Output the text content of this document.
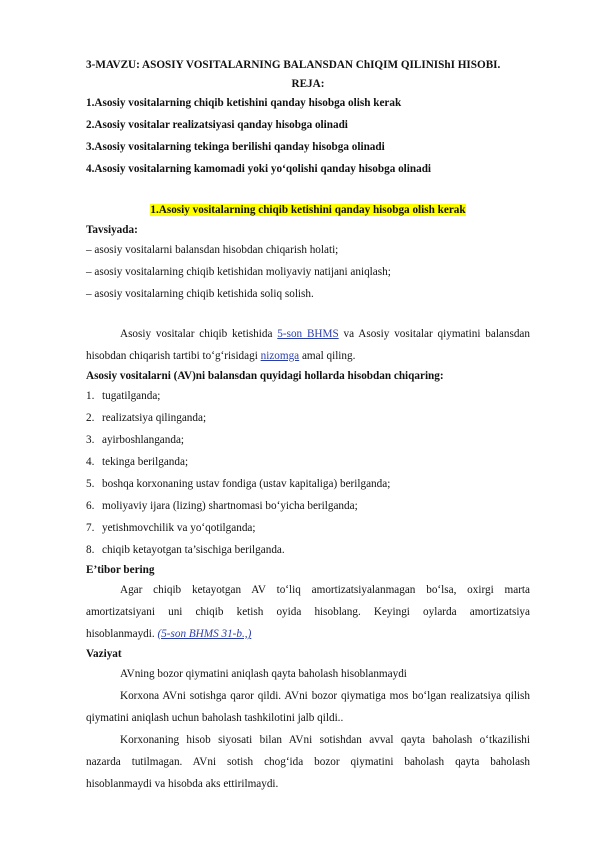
3-MAVZU: ASOSIY VOSITALARNING BALANSDAN ChIQIM QILINIShI HISOBI.
REJA:
1.Asosiy vositalarning chiqib ketishini qanday hisobga olish kerak
2.Asosiy vositalar realizatsiyasi qanday hisobga olinadi
3.Asosiy vositalarning tekinga berilishi qanday hisobga olinadi
4.Asosiy vositalarning kamomadi yoki yo‘qolishi qanday hisobga olinadi
1.Asosiy vositalarning chiqib ketishini qanday hisobga olish kerak
Tavsiyada:
– asosiy vositalarni balansdan hisobdan chiqarish holati;
– asosiy vositalarning chiqib ketishidan moliyaviy natijani aniqlash;
– asosiy vositalarning chiqib ketishida soliq solish.
Asosiy vositalar chiqib ketishida 5-son BHMS va Asosiy vositalar qiymatini balansdan
hisobdan chiqarish tartibi to‘g‘risidagi nizomga amal qiling.
Asosiy vositalarni (AV)ni balansdan quyidagi hollarda hisobdan chiqaring:
1. tugatilganda;
2. realizatsiya qilinganda;
3. ayirboshlanganda;
4. tekinga berilganda;
5. boshqa korxonaning ustav fondiga (ustav kapitaliga) berilganda;
6. moliyaviy ijara (lizing) shartnomasi bo‘yicha berilganda;
7. yetishmovchilik va yo‘qotilganda;
8. chiqib ketayotgan ta’sischiga berilganda.
E’tibor bering
Agar chiqib ketayotgan AV to‘liq amortizatsiyalanmagan bo‘lsa, oxirgi marta
amortizatsiyani uni chiqib ketish oyida hisoblang. Keyingi oylarda amortizatsiya
hisoblanmaydi. (5-son BHMS 31-b.,)
Vaziyat
AVning bozor qiymatini aniqlash qayta baholash hisoblanmaydi
Korxona AVni sotishga qaror qildi. AVni bozor qiymatiga mos bo‘lgan realizatsiya qilish
qiymatini aniqlash uchun baholash tashkilotini jalb qildi..
Korxonaning hisob siyosati bilan AVni sotishdan avval qayta baholash o‘tkazilishi
nazarda tutilmagan. AVni sotish chog‘ida bozor qiymatini baholash qayta baholash
hisoblanmaydi va hisobda aks ettirilmaydi.
